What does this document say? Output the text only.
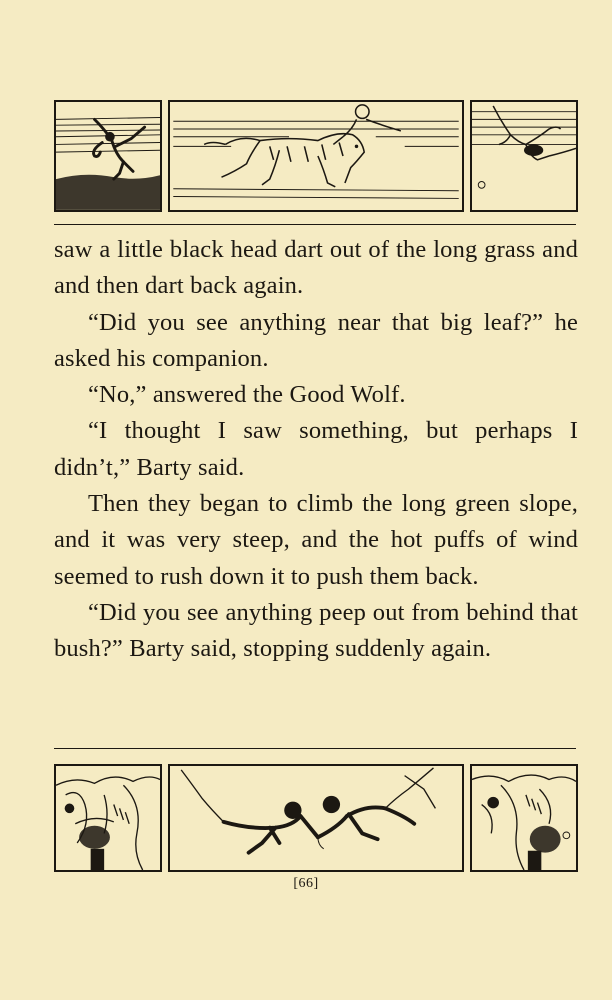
saw a little black head dart out of the long grass and and then dart back again.

“Did you see anything near that big leaf?” he asked his companion.

“No,” answered the Good Wolf.

“I thought I saw something, but perhaps I didn’t,” Barty said.

Then they began to climb the long green slope, and it was very steep, and the hot puffs of wind seemed to rush down it to push them back.

“Did you see anything peep out from behind that bush?” Barty said, stopping suddenly again.

[66]
